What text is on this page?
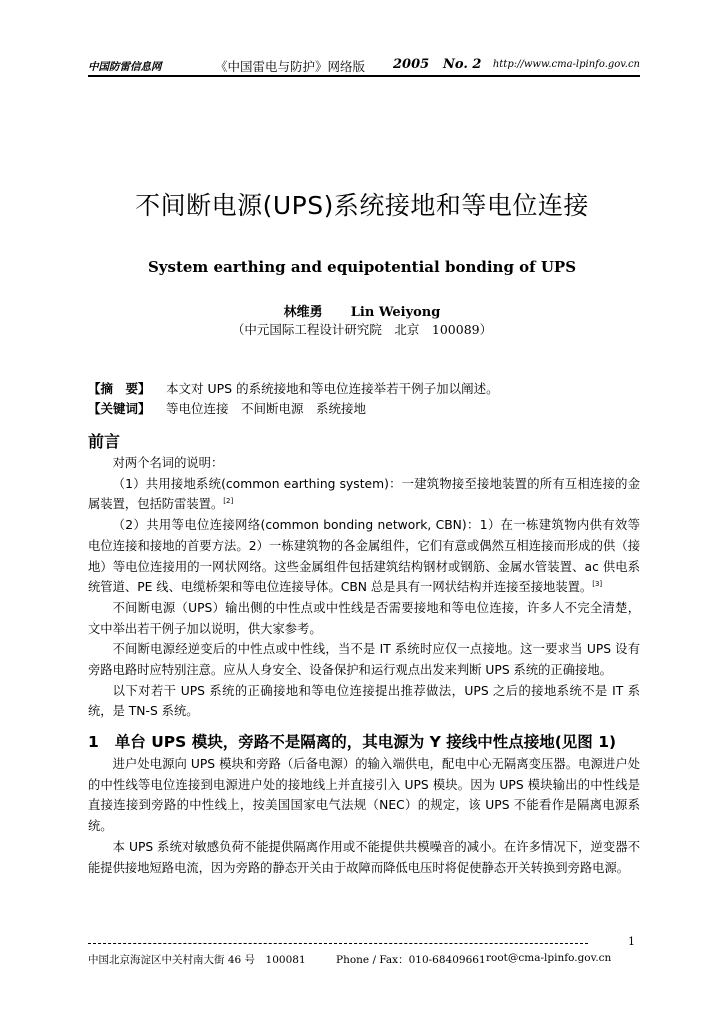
中国防雷信息网	《中国雷电与防护》网络版 2005 No. 2 http://www.cma-lpinfo.gov.cn
不间断电源(UPS)系统接地和等电位连接
System earthing and equipotential bonding of UPS
林维勇 Lin Weiyong
（中元国际工程设计研究院　北京　100089）
【摘　要】 本文对 UPS 的系统接地和等电位连接举若干例子加以阐述。
【关键词】 等电位连接　不间断电源　系统接地
前言

对两个名词的说明：

（1）共用接地系统(common earthing system)：一建筑物接至接地装置的所有互相连接的金属装置，包括防雷装置。[2]

（2）共用等电位连接网络(common bonding network, CBN)：1）在一栋建筑物内供有效等电位连接和接地的首要方法。2）一栋建筑物的各金属组件，它们有意或偶然互相连接而形成的供（接地）等电位连接用的一网状网络。这些金属组件包括建筑结构钢材或钢筋、金属水管装置、ac 供电系统管道、PE 线、电缆桥架和等电位连接导体。CBN 总是具有一网状结构并连接至接地装置。[3]

不间断电源（UPS）输出侧的中性点或中性线是否需要接地和等电位连接，许多人不完全清楚，文中举出若干例子加以说明，供大家参考。

不间断电源经逆变后的中性点或中性线，当不是 IT 系统时应仅一点接地。这一要求当 UPS 设有旁路电路时应特别注意。应从人身安全、设备保护和运行观点出发来判断 UPS 系统的正确接地。

以下对若干 UPS 系统的正确接地和等电位连接提出推荐做法，UPS 之后的接地系统不是 IT 系统，是 TN-S 系统。

1 单台 UPS 模块，旁路不是隔离的，其电源为 Y 接线中性点接地(见图 1)

进户处电源向 UPS 模块和旁路（后备电源）的输入端供电，配电中心无隔离变压器。电源进户处的中性线等电位连接到电源进户处的接地线上并直接引入 UPS 模块。因为 UPS 模块输出的中性线是直接连接到旁路的中性线上，按美国国家电气法规（NEC）的规定，该 UPS 不能看作是隔离电源系统。

本 UPS 系统对敏感负荷不能提供隔离作用或不能提供共模噪音的减小。在许多情况下，逆变器不能提供接地短路电流，因为旁路的静态开关由于故障而降低电压时将促使静态开关转换到旁路电源。

1
中国北京海淀区中关村南大街 46 号　100081	Phone / Fax：010-68409661 root@cma-lpinfo.gov.cn
